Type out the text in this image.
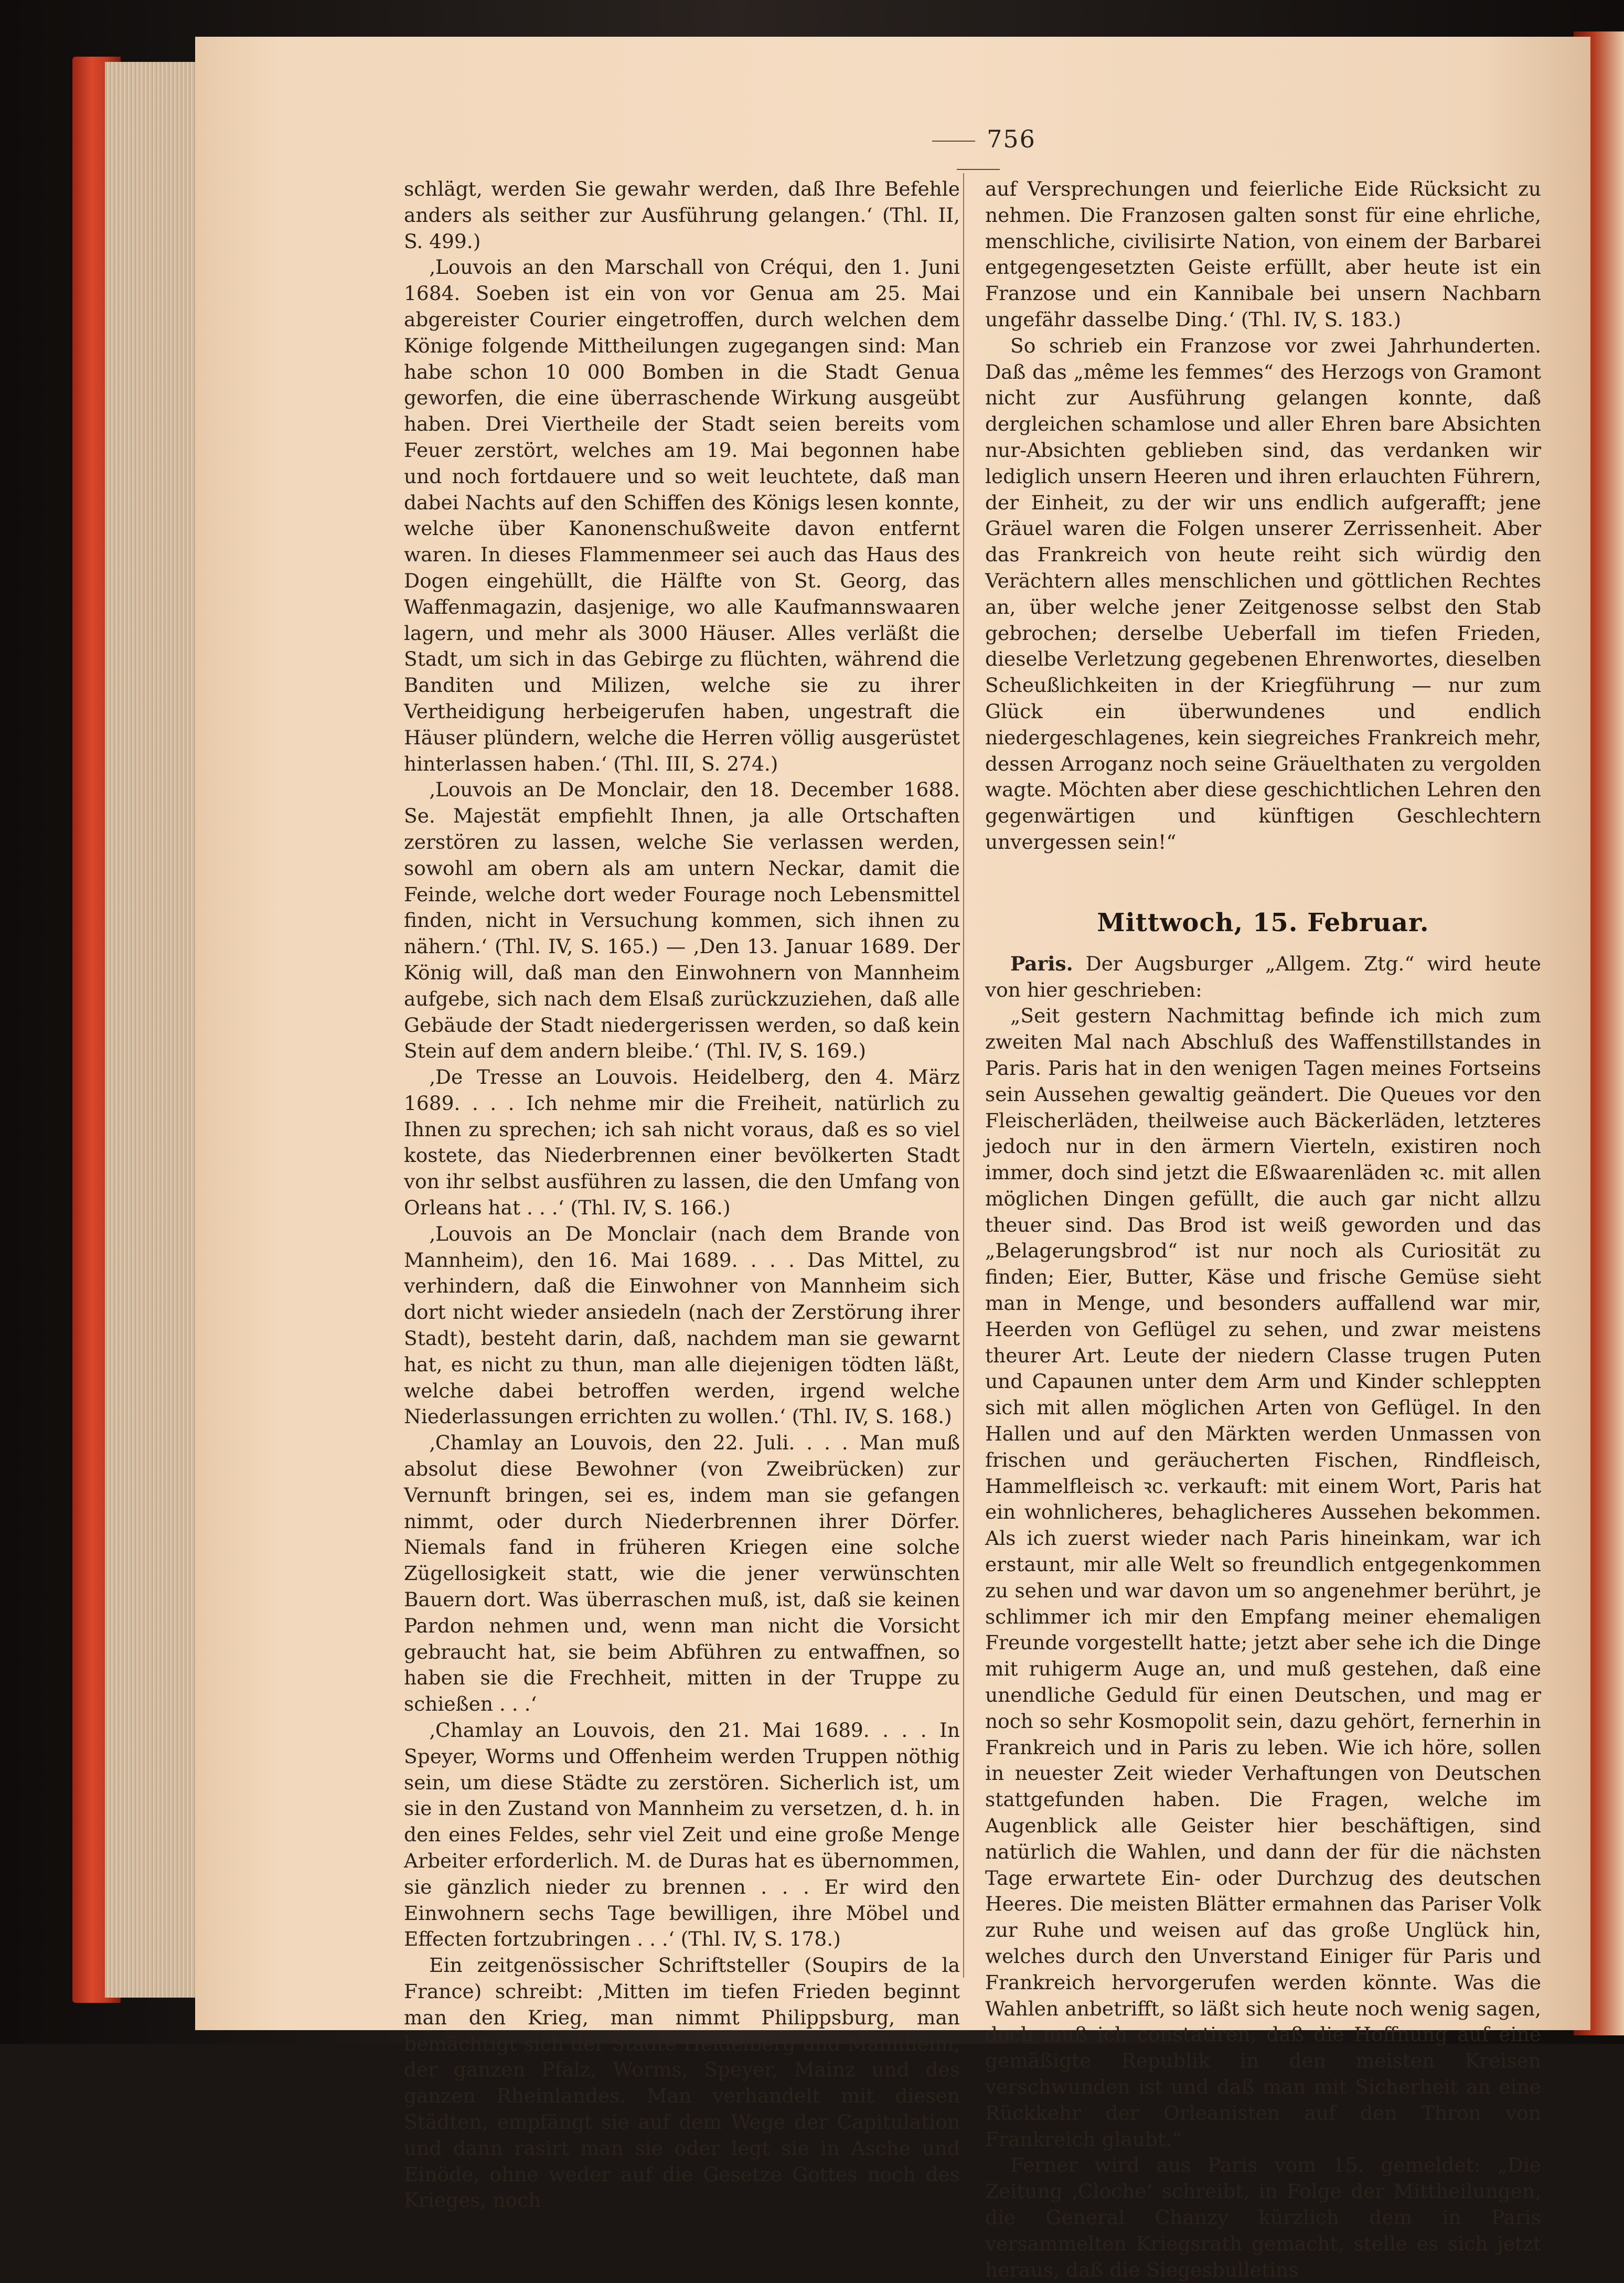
756

schlägt, werden Sie gewahr werden, daß Ihre Befehle anders als seither zur Ausführung gelangen.‘ (Thl. II, S. 499.)

‚Louvois an den Marschall von Créqui, den 1. Juni 1684. Soeben ist ein von vor Genua am 25. Mai abgereister Courier eingetroffen, durch welchen dem Könige folgende Mittheilungen zugegangen sind: Man habe schon 10 000 Bomben in die Stadt Genua geworfen, die eine überraschende Wirkung ausgeübt haben. Drei Viertheile der Stadt seien bereits vom Feuer zerstört, welches am 19. Mai begonnen habe und noch fortdauere und so weit leuchtete, daß man dabei Nachts auf den Schiffen des Königs lesen konnte, welche über Kanonenschußweite davon entfernt waren. In dieses Flammenmeer sei auch das Haus des Dogen eingehüllt, die Hälfte von St. Georg, das Waffenmagazin, dasjenige, wo alle Kaufmannswaaren lagern, und mehr als 3000 Häuser. Alles verläßt die Stadt, um sich in das Gebirge zu flüchten, während die Banditen und Milizen, welche sie zu ihrer Vertheidigung herbeigerufen haben, ungestraft die Häuser plündern, welche die Herren völlig ausgerüstet hinterlassen haben.‘ (Thl. III, S. 274.)

‚Louvois an De Monclair, den 18. December 1688. Se. Majestät empfiehlt Ihnen, ja alle Ortschaften zerstören zu lassen, welche Sie verlassen werden, sowohl am obern als am untern Neckar, damit die Feinde, welche dort weder Fourage noch Lebensmittel finden, nicht in Versuchung kommen, sich ihnen zu nähern.‘ (Thl. IV, S. 165.) — ‚Den 13. Januar 1689. Der König will, daß man den Einwohnern von Mannheim aufgebe, sich nach dem Elsaß zurückzuziehen, daß alle Gebäude der Stadt niedergerissen werden, so daß kein Stein auf dem andern bleibe.‘ (Thl. IV, S. 169.)

‚De Tresse an Louvois. Heidelberg, den 4. März 1689. . . . Ich nehme mir die Freiheit, natürlich zu Ihnen zu sprechen; ich sah nicht voraus, daß es so viel kostete, das Niederbrennen einer bevölkerten Stadt von ihr selbst ausführen zu lassen, die den Umfang von Orleans hat . . .‘ (Thl. IV, S. 166.)

‚Louvois an De Monclair (nach dem Brande von Mannheim), den 16. Mai 1689. . . . Das Mittel, zu verhindern, daß die Einwohner von Mannheim sich dort nicht wieder ansiedeln (nach der Zerstörung ihrer Stadt), besteht darin, daß, nachdem man sie gewarnt hat, es nicht zu thun, man alle diejenigen tödten läßt, welche dabei betroffen werden, irgend welche Niederlassungen errichten zu wollen.‘ (Thl. IV, S. 168.)

‚Chamlay an Louvois, den 22. Juli. . . . Man muß absolut diese Bewohner (von Zweibrücken) zur Vernunft bringen, sei es, indem man sie gefangen nimmt, oder durch Niederbrennen ihrer Dörfer. Niemals fand in früheren Kriegen eine solche Zügellosigkeit statt, wie die jener verwünschten Bauern dort. Was überraschen muß, ist, daß sie keinen Pardon nehmen und, wenn man nicht die Vorsicht gebraucht hat, sie beim Abführen zu entwaffnen, so haben sie die Frechheit, mitten in der Truppe zu schießen . . .‘

‚Chamlay an Louvois, den 21. Mai 1689. . . . In Speyer, Worms und Offenheim werden Truppen nöthig sein, um diese Städte zu zerstören. Sicherlich ist, um sie in den Zustand von Mannheim zu versetzen, d. h. in den eines Feldes, sehr viel Zeit und eine große Menge Arbeiter erforderlich. M. de Duras hat es übernommen, sie gänzlich nieder zu brennen . . . Er wird den Einwohnern sechs Tage bewilligen, ihre Möbel und Effecten fortzubringen . . .‘ (Thl. IV, S. 178.)

Ein zeitgenössischer Schriftsteller (Soupirs de la France) schreibt: ‚Mitten im tiefen Frieden beginnt man den Krieg, man nimmt Philippsburg, man bemächtigt sich der Städte Heidelberg und Mannheim, der ganzen Pfalz, Worms, Speyer, Mainz und des ganzen Rheinlandes. Man verhandelt mit diesen Städten, empfängt sie auf dem Wege der Capitulation und dann rasirt man sie oder legt sie in Asche und Einöde, ohne weder auf die Gesetze Gottes noch des Krieges, noch

auf Versprechungen und feierliche Eide Rücksicht zu nehmen. Die Franzosen galten sonst für eine ehrliche, menschliche, civilisirte Nation, von einem der Barbarei entgegengesetzten Geiste erfüllt, aber heute ist ein Franzose und ein Kannibale bei unsern Nachbarn ungefähr dasselbe Ding.‘ (Thl. IV, S. 183.)

So schrieb ein Franzose vor zwei Jahrhunderten. Daß das „même les femmes“ des Herzogs von Gramont nicht zur Ausführung gelangen konnte, daß dergleichen schamlose und aller Ehren bare Absichten nur-Absichten geblieben sind, das verdanken wir lediglich unsern Heeren und ihren erlauchten Führern, der Einheit, zu der wir uns endlich aufgerafft; jene Gräuel waren die Folgen unserer Zerrissenheit. Aber das Frankreich von heute reiht sich würdig den Verächtern alles menschlichen und göttlichen Rechtes an, über welche jener Zeitgenosse selbst den Stab gebrochen; derselbe Ueberfall im tiefen Frieden, dieselbe Verletzung gegebenen Ehrenwortes, dieselben Scheußlichkeiten in der Kriegführung — nur zum Glück ein überwundenes und endlich niedergeschlagenes, kein siegreiches Frankreich mehr, dessen Arroganz noch seine Gräuelthaten zu vergolden wagte. Möchten aber diese geschichtlichen Lehren den gegenwärtigen und künftigen Geschlechtern unvergessen sein!“

Mittwoch, 15. Februar.

Paris. Der Augsburger „Allgem. Ztg.“ wird heute von hier geschrieben:

„Seit gestern Nachmittag befinde ich mich zum zweiten Mal nach Abschluß des Waffenstillstandes in Paris. Paris hat in den wenigen Tagen meines Fortseins sein Aussehen gewaltig geändert. Die Queues vor den Fleischerläden, theilweise auch Bäckerläden, letzteres jedoch nur in den ärmern Vierteln, existiren noch immer, doch sind jetzt die Eßwaarenläden ꝛc. mit allen möglichen Dingen gefüllt, die auch gar nicht allzu theuer sind. Das Brod ist weiß geworden und das „Belagerungsbrod“ ist nur noch als Curiosität zu finden; Eier, Butter, Käse und frische Gemüse sieht man in Menge, und besonders auffallend war mir, Heerden von Geflügel zu sehen, und zwar meistens theurer Art. Leute der niedern Classe trugen Puten und Capaunen unter dem Arm und Kinder schleppten sich mit allen möglichen Arten von Geflügel. In den Hallen und auf den Märkten werden Unmassen von frischen und geräucherten Fischen, Rindfleisch, Hammelfleisch ꝛc. verkauft: mit einem Wort, Paris hat ein wohnlicheres, behaglicheres Aussehen bekommen. Als ich zuerst wieder nach Paris hineinkam, war ich erstaunt, mir alle Welt so freundlich entgegenkommen zu sehen und war davon um so angenehmer berührt, je schlimmer ich mir den Empfang meiner ehemaligen Freunde vorgestellt hatte; jetzt aber sehe ich die Dinge mit ruhigerm Auge an, und muß gestehen, daß eine unendliche Geduld für einen Deutschen, und mag er noch so sehr Kosmopolit sein, dazu gehört, fernerhin in Frankreich und in Paris zu leben. Wie ich höre, sollen in neuester Zeit wieder Verhaftungen von Deutschen stattgefunden haben. Die Fragen, welche im Augenblick alle Geister hier beschäftigen, sind natürlich die Wahlen, und dann der für die nächsten Tage erwartete Ein- oder Durchzug des deutschen Heeres. Die meisten Blätter ermahnen das Pariser Volk zur Ruhe und weisen auf das große Unglück hin, welches durch den Unverstand Einiger für Paris und Frankreich hervorgerufen werden könnte. Was die Wahlen anbetrifft, so läßt sich heute noch wenig sagen, doch muß ich constatiren, daß die Hoffnung auf eine gemäßigte Republik in den meisten Kreisen verschwunden ist und daß man mit Sicherheit an eine Rückkehr der Orleanisten auf den Thron von Frankreich glaubt.“

Ferner wird aus Paris vom 15. gemeldet: „Die Zeitung ‚Cloche‘ schreibt, in Folge der Mittheilungen, die General Chanzy kürzlich dem in Paris versammelten Kriegsrath gemacht, stelle es sich jetzt heraus, daß die Siegesbulletins
